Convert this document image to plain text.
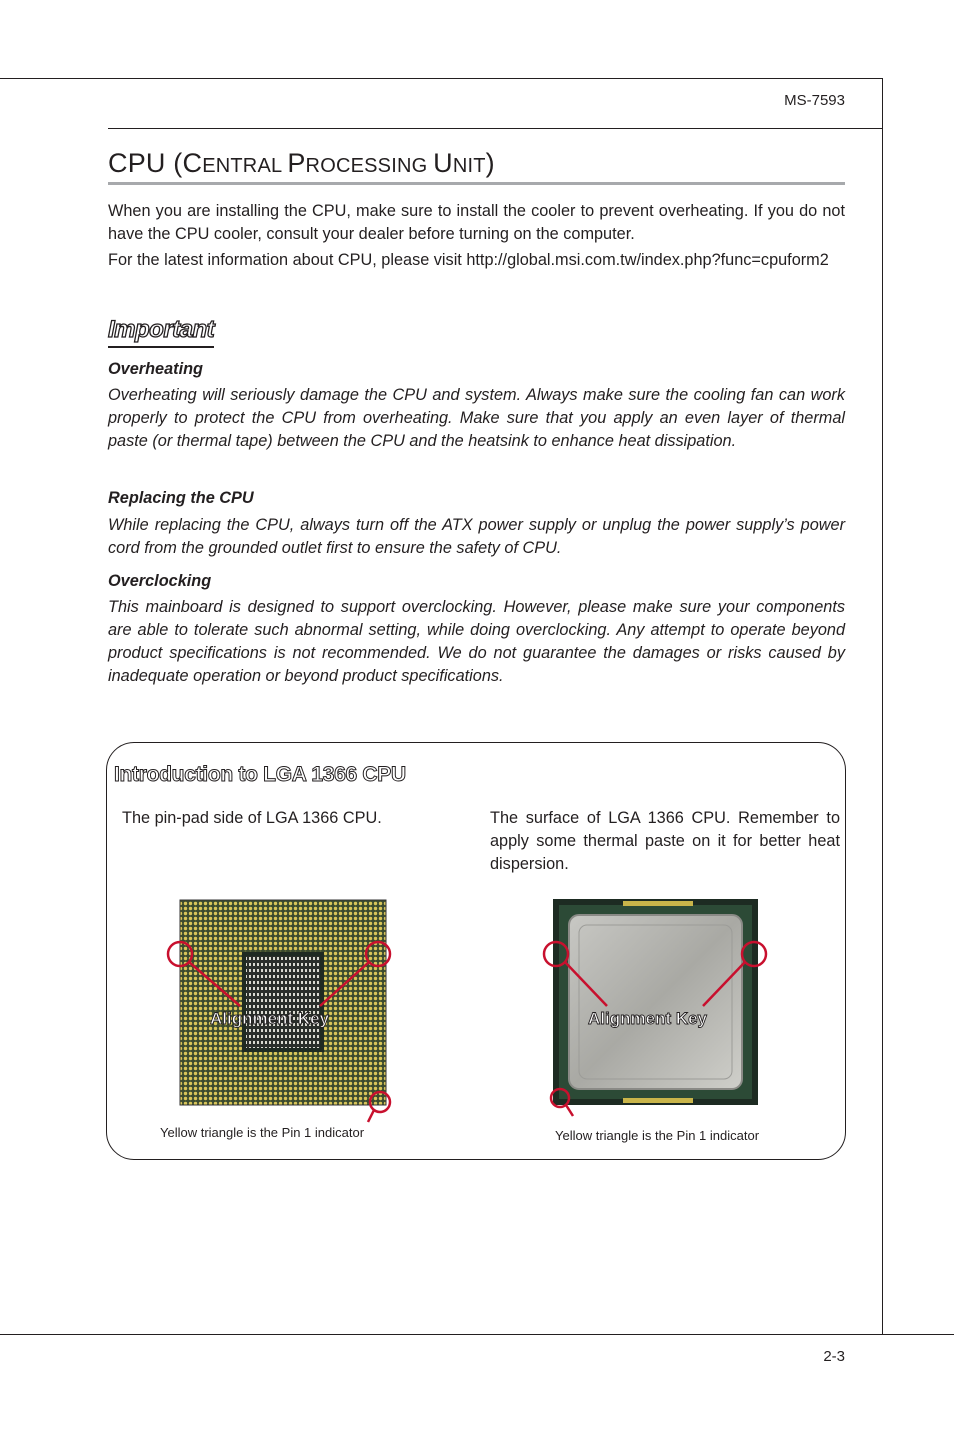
MS-7593
2-3
CPU (CENTRAL PROCESSING UNIT)
When you are installing the CPU, make sure to install the cooler to prevent overheating. If you do not have the CPU cooler, consult your dealer before turning on the computer.
For the latest information about CPU, please visit http://global.msi.com.tw/index.php?func=cpuform2
Important
Overheating
Overheating will seriously damage the CPU and system. Always make sure the cooling fan can work properly to protect the CPU from overheating. Make sure that you apply an even layer of thermal paste (or thermal tape) between the CPU and the heatsink to enhance heat dissipation.
Replacing the CPU
While replacing the CPU, always turn off the ATX power supply or unplug the power supply’s power cord from the grounded outlet first to ensure the safety of CPU.
Overclocking
This mainboard is designed to support overclocking. However, please make sure your components are able to tolerate such abnormal setting, while doing overclocking. Any attempt to operate beyond product specifications is not recommended. We do not guarantee the damages or risks caused by inadequate operation or beyond product specifications.
Introduction to LGA 1366 CPU
The pin-pad side of LGA 1366 CPU.	The surface of LGA 1366 CPU. Remember to apply some thermal paste on it for better heat dispersion.
Alignment Key
Yellow triangle is the Pin 1 indicator
Alignment Key
Yellow triangle is the Pin 1 indicator
